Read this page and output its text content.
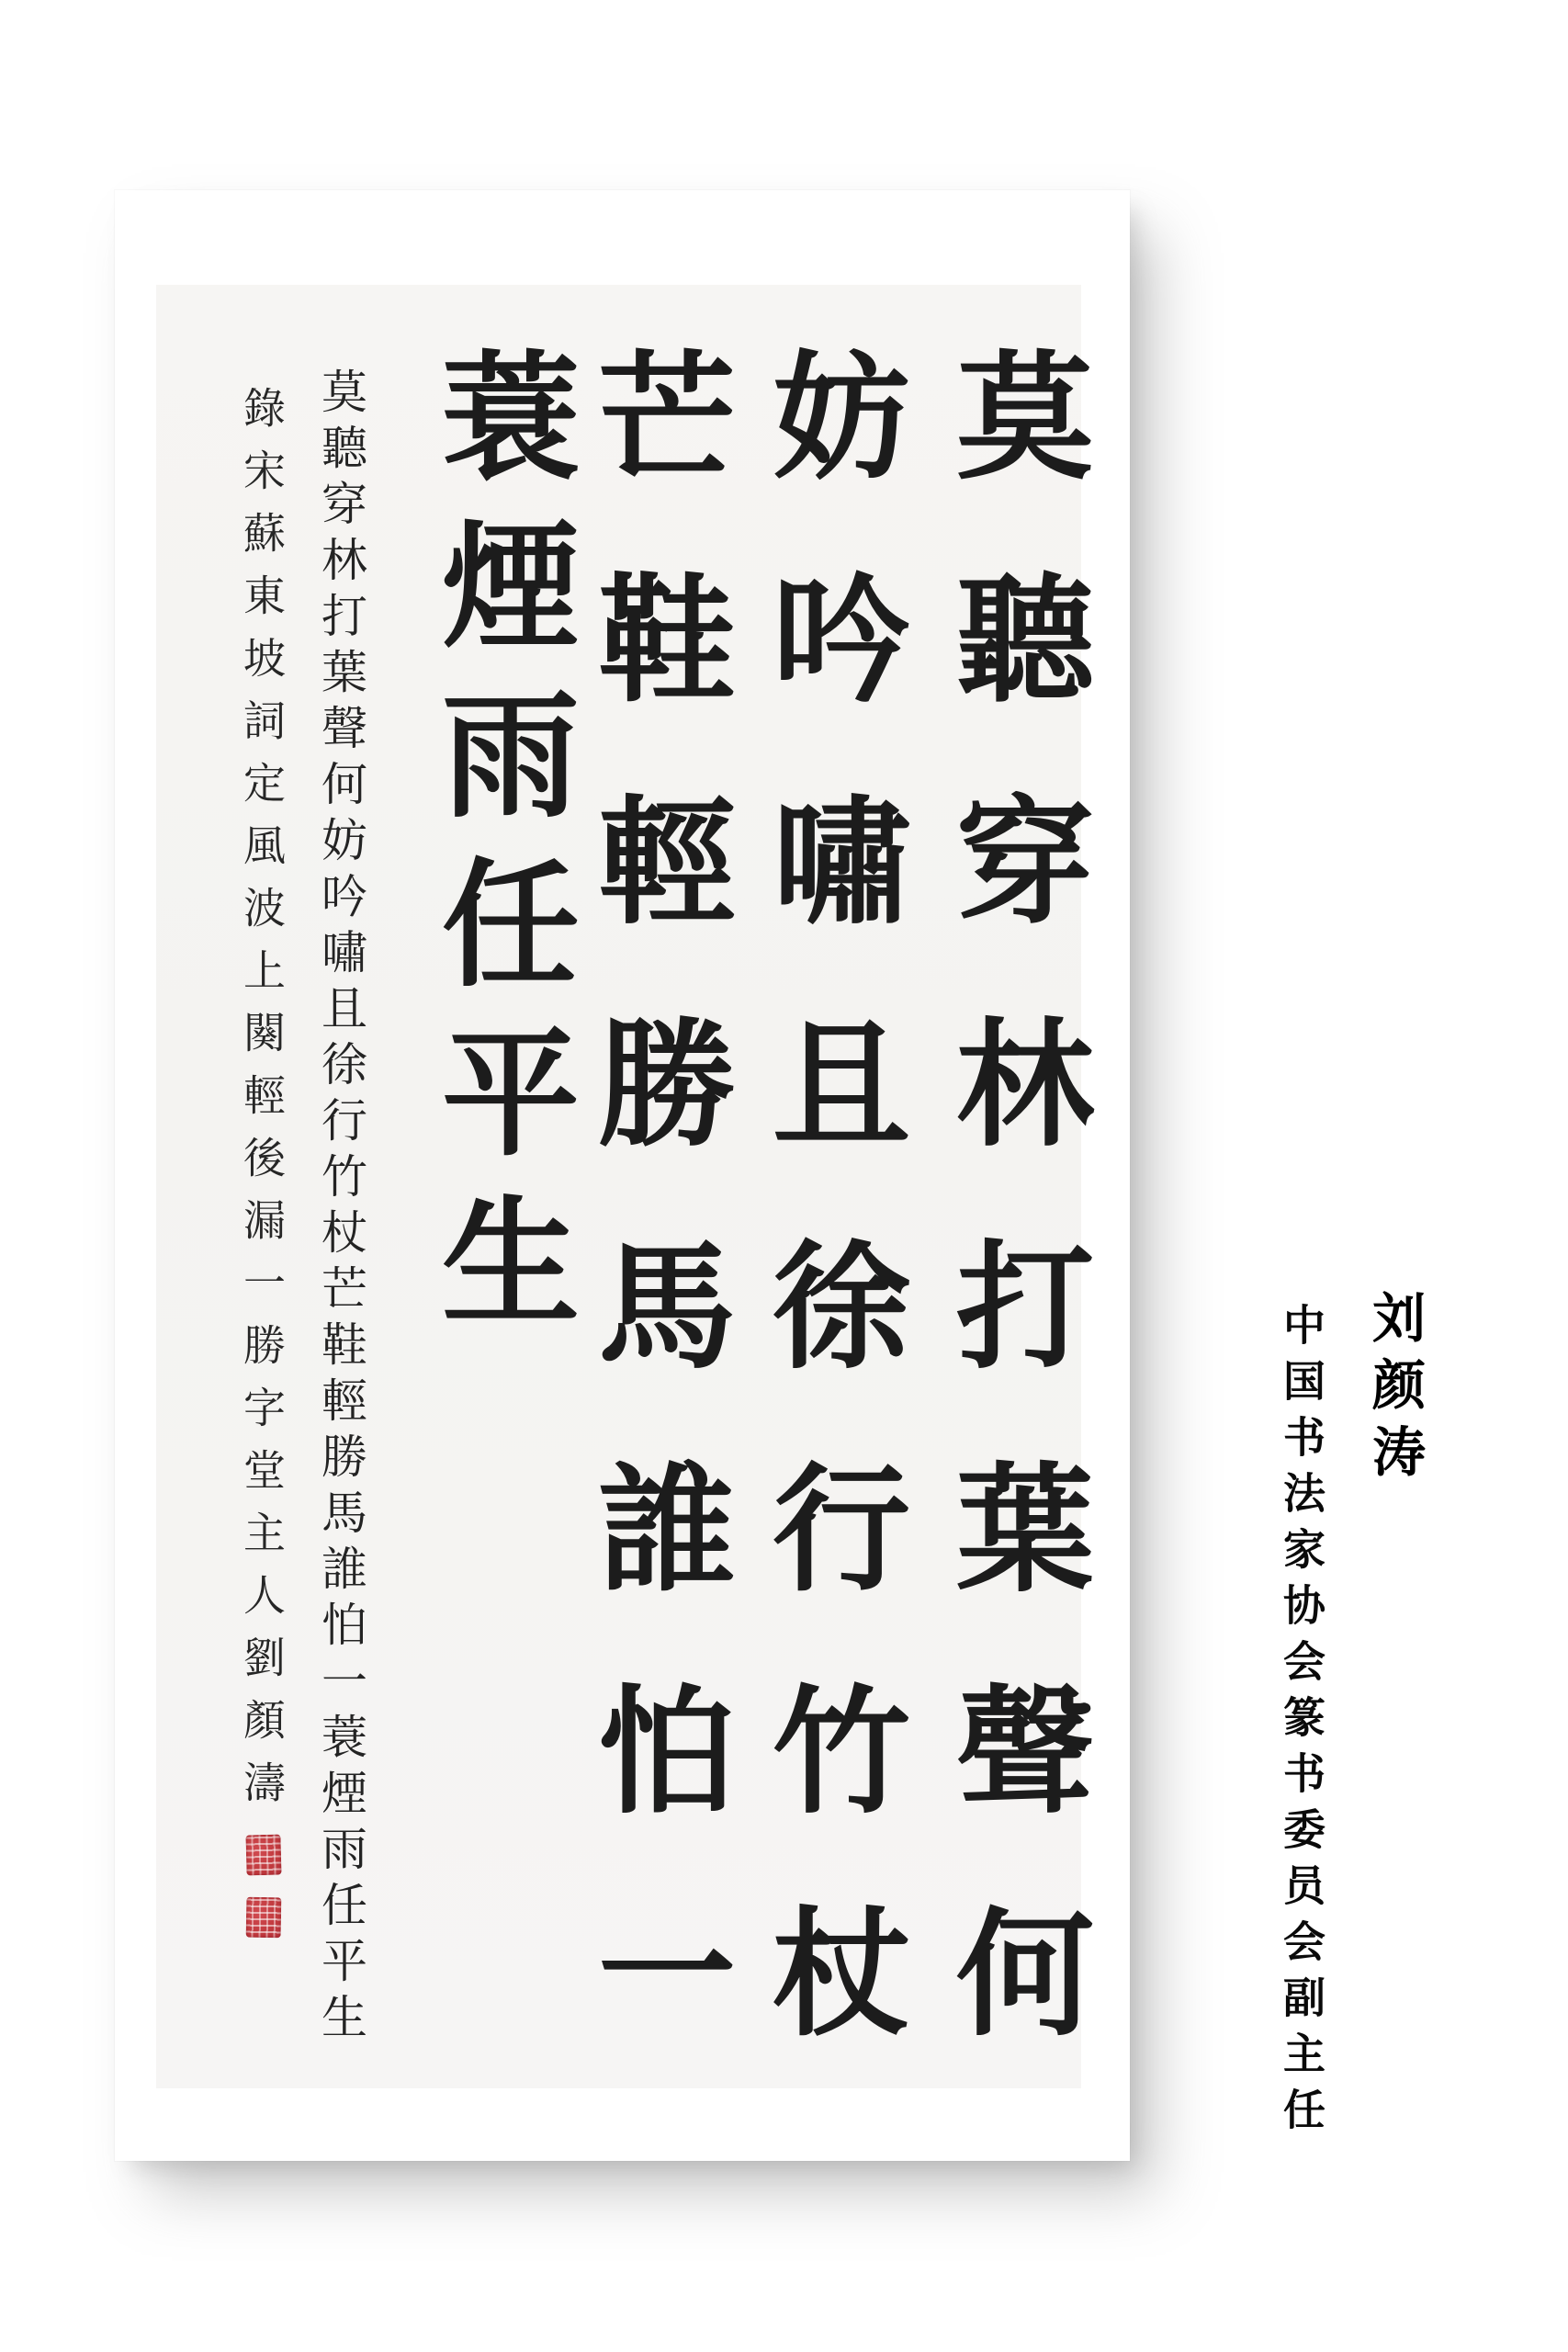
莫聽穿林打葉聲何
妨吟嘯且徐行竹杖
芒鞋輕勝馬誰怕一
蓑煙雨任平生
莫聽穿林打葉聲何妨吟嘯且徐行竹杖芒鞋輕勝馬誰怕一蓑煙雨任平生
錄宋蘇東坡詞定風波上闋輕後漏一勝字堂主人劉顏濤	刘颜涛
中国书法家协会篆书委员会副主任
